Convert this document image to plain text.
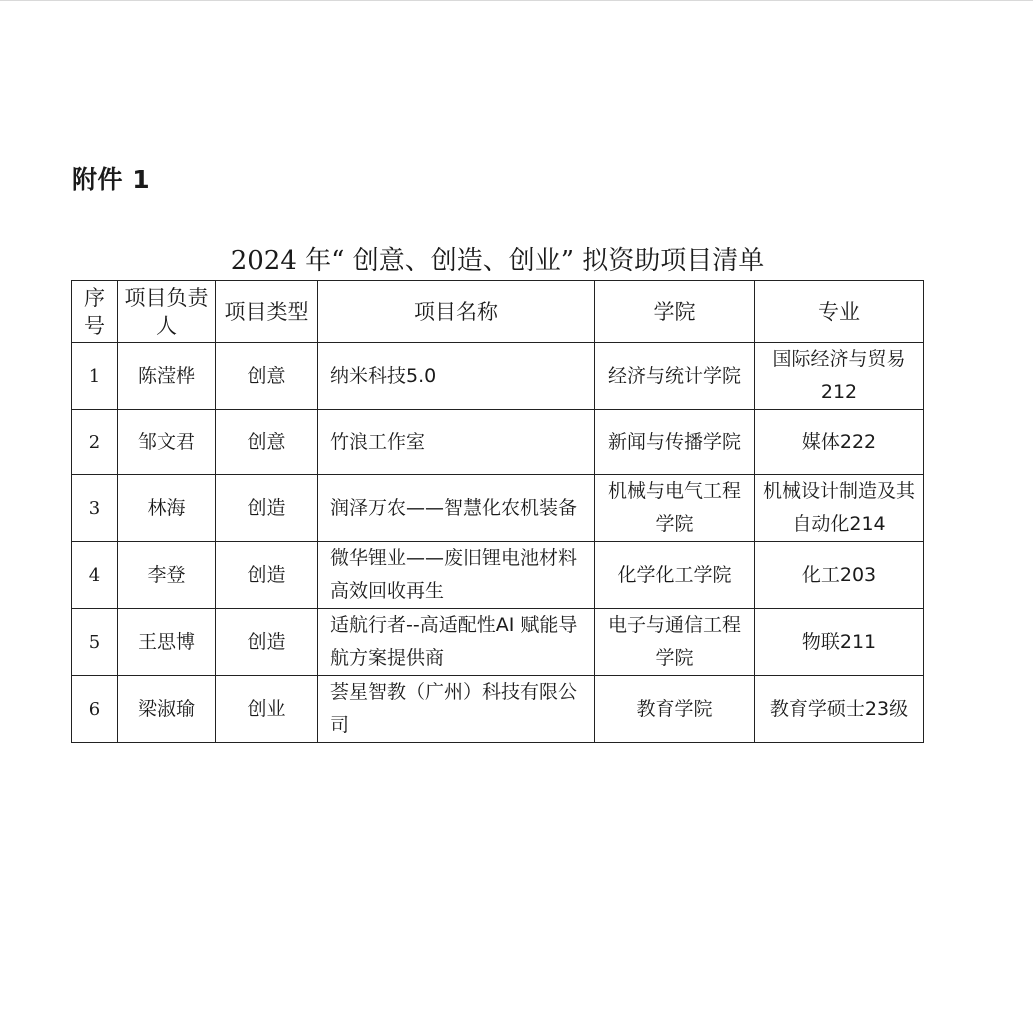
附件 1
2024 年“ 创意、创造、创业” 拟资助项目清单
序号	项目负责人	项目类型	项目名称	学院	专业
1	陈滢桦	创意	纳米科技5.0	经济与统计学院	国际经济与贸易212
2	邹文君	创意	竹浪工作室	新闻与传播学院	媒体222
3	林海	创造	润泽万农——智慧化农机装备	机械与电气工程学院	机械设计制造及其自动化214
4	李登	创造	微华锂业——废旧锂电池材料高效回收再生	化学化工学院	化工203
5	王思博	创造	适航行者--高适配性AI 赋能导航方案提供商	电子与通信工程学院	物联211
6	梁淑瑜	创业	荟星智教（广州）科技有限公司	教育学院	教育学硕士23级
